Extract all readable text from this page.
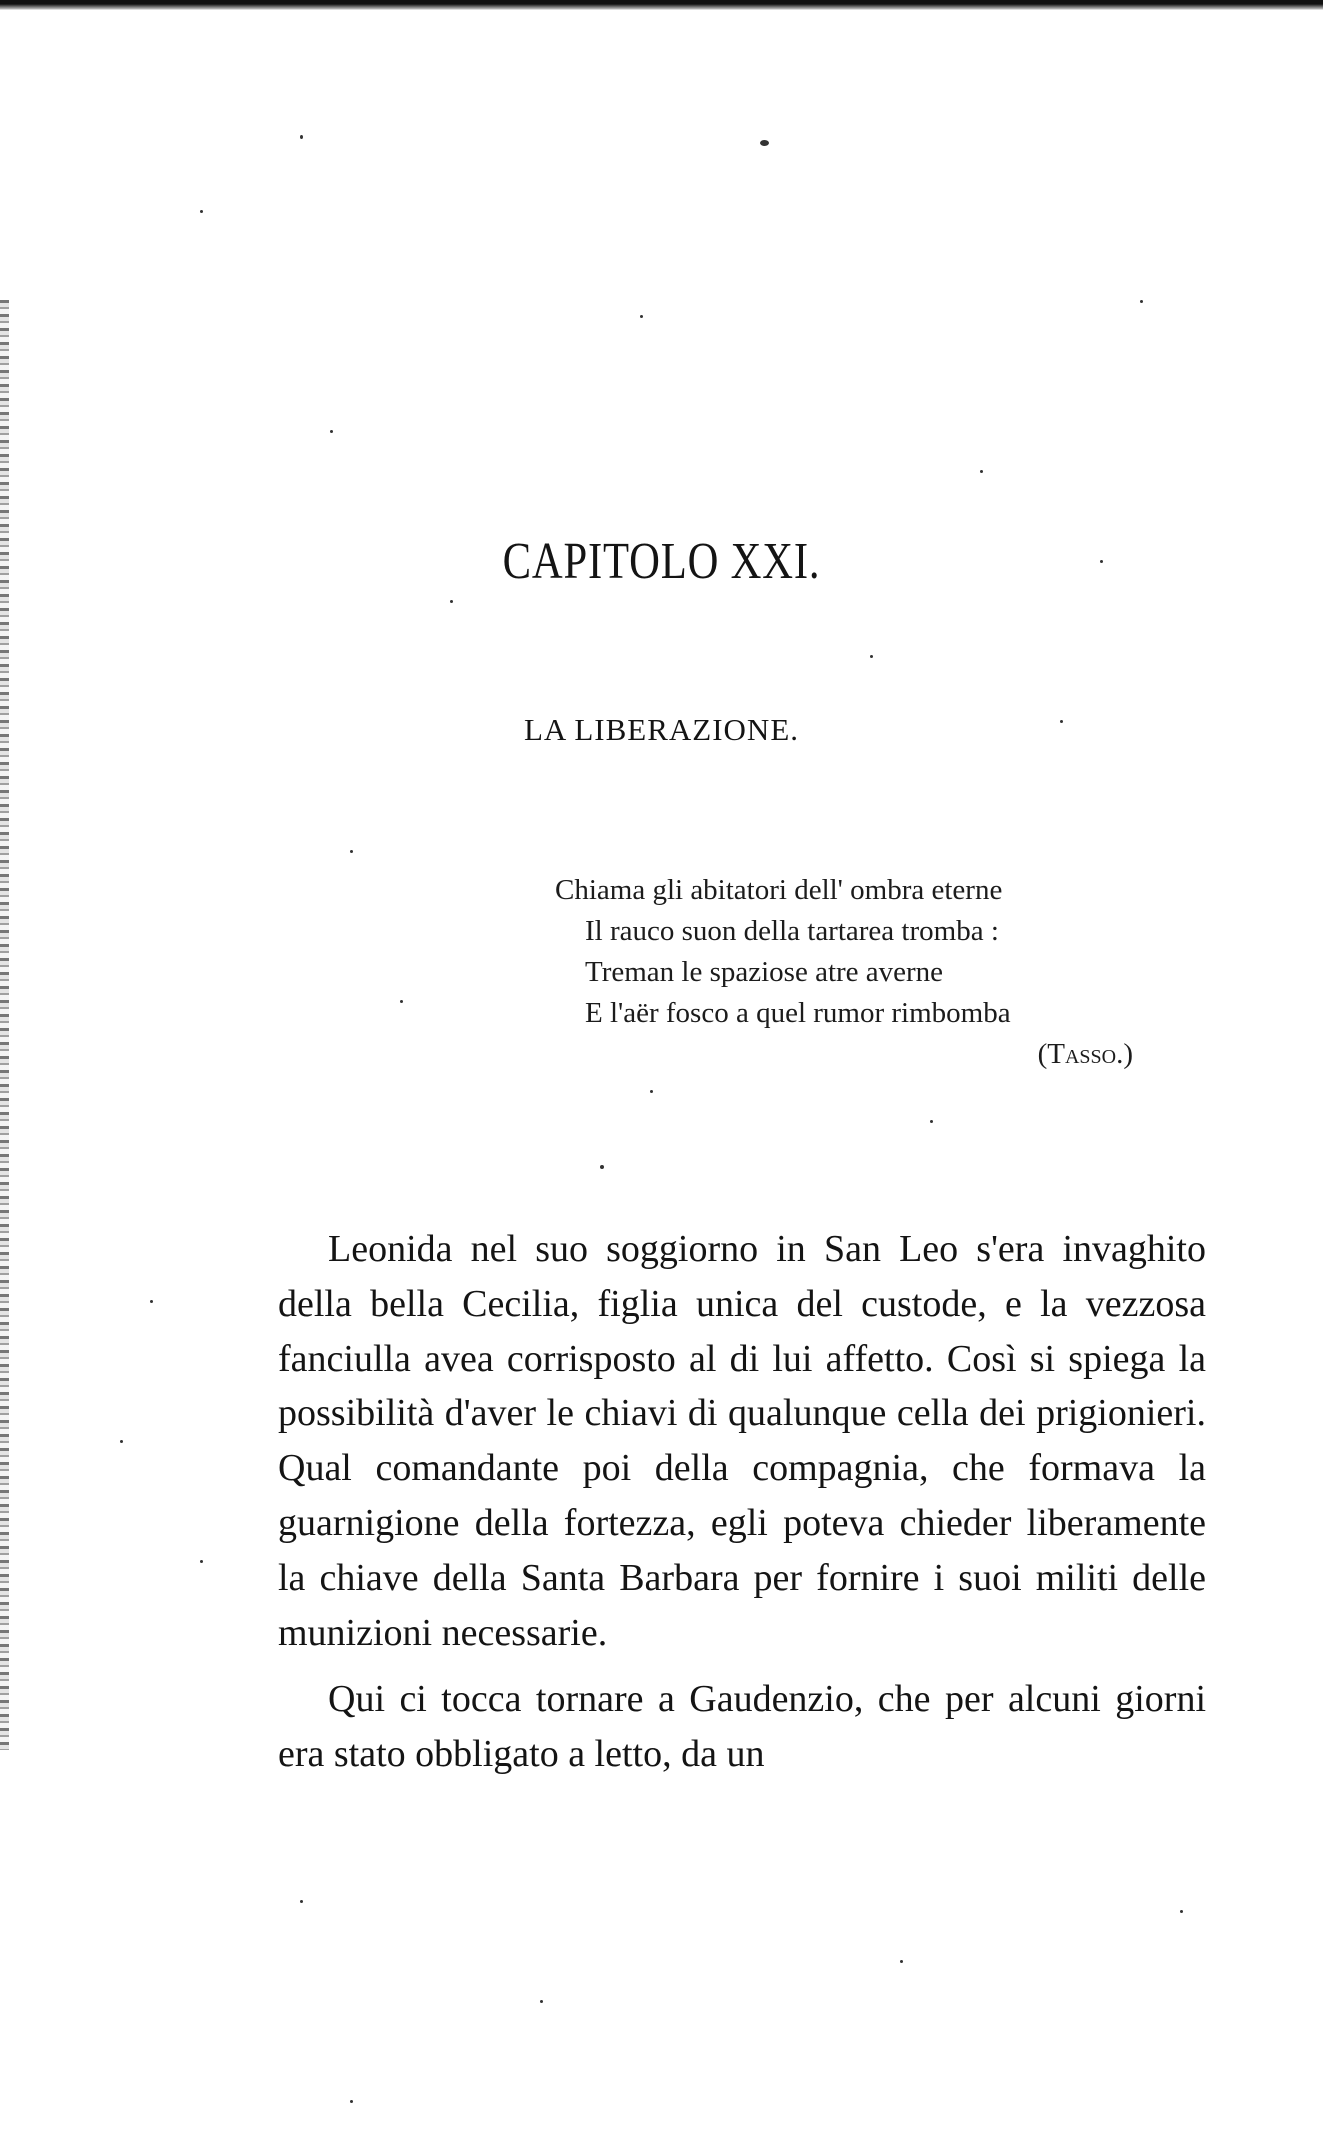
CAPITOLO XXI.
LA LIBERAZIONE.
Chiama gli abitatori dell' ombra eterne
Il rauco suon della tartarea tromba :
Treman le spaziose atre averne
E l'aër fosco a quel rumor rimbomba
(Tasso.)

Leonida nel suo soggiorno in San Leo s'era invaghito della bella Cecilia, figlia unica del custode, e la vezzosa fanciulla avea corrisposto al di lui affetto. Così si spiega la possibilità d'aver le chiavi di qualunque cella dei prigionieri. Qual comandante poi della compagnia, che formava la guarnigione della fortezza, egli poteva chieder liberamente la chiave della Santa Barbara per fornire i suoi militi delle munizioni necessarie.

Qui ci tocca tornare a Gaudenzio, che per alcuni giorni era stato obbligato a letto, da un
